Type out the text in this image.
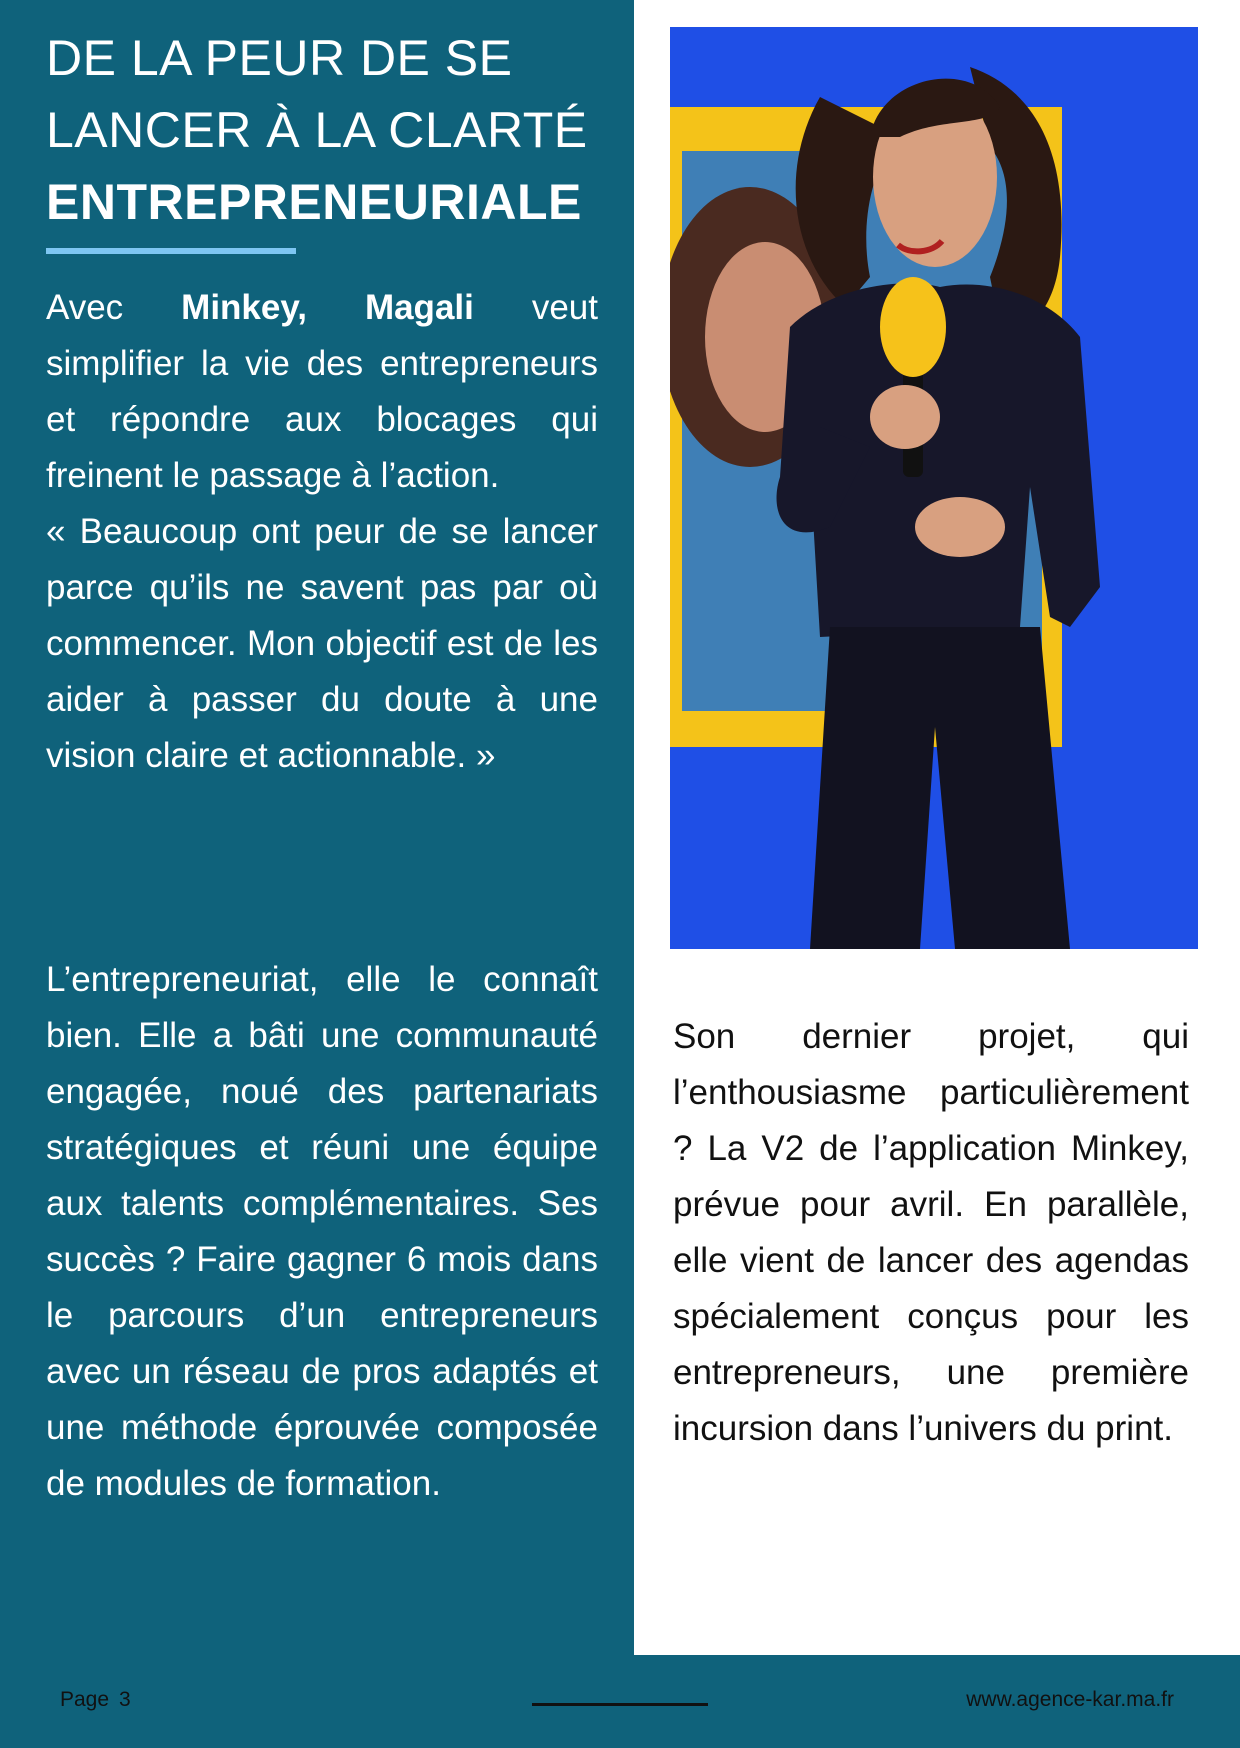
DE LA PEUR DE SE
LANCER À LA CLARTÉ
ENTREPRENEURIALE

Avec Minkey, Magali veut simplifier la vie des entrepreneurs et répondre aux blocages qui freinent le passage à l’action.

« Beaucoup ont peur de se lancer parce qu’ils ne savent pas par où commencer. Mon objectif est de les aider à passer du doute à une vision claire et actionnable. »

L’entrepreneuriat, elle le connaît bien. Elle a bâti une communauté engagée, noué des partenariats stratégiques et réuni une équipe aux talents complémentaires. Ses succès ? Faire gagner 6 mois dans le parcours d’un entrepreneurs avec un réseau de pros adaptés et une méthode éprouvée composée de modules de formation.

Son dernier projet, qui l’enthousiasme particulièrement ? La V2 de l’application Minkey, prévue pour avril. En parallèle, elle vient de lancer des agendas spécialement conçus pour les entrepreneurs, une première incursion dans l’univers du print.
Page 3	www.agence-kar.ma.fr
